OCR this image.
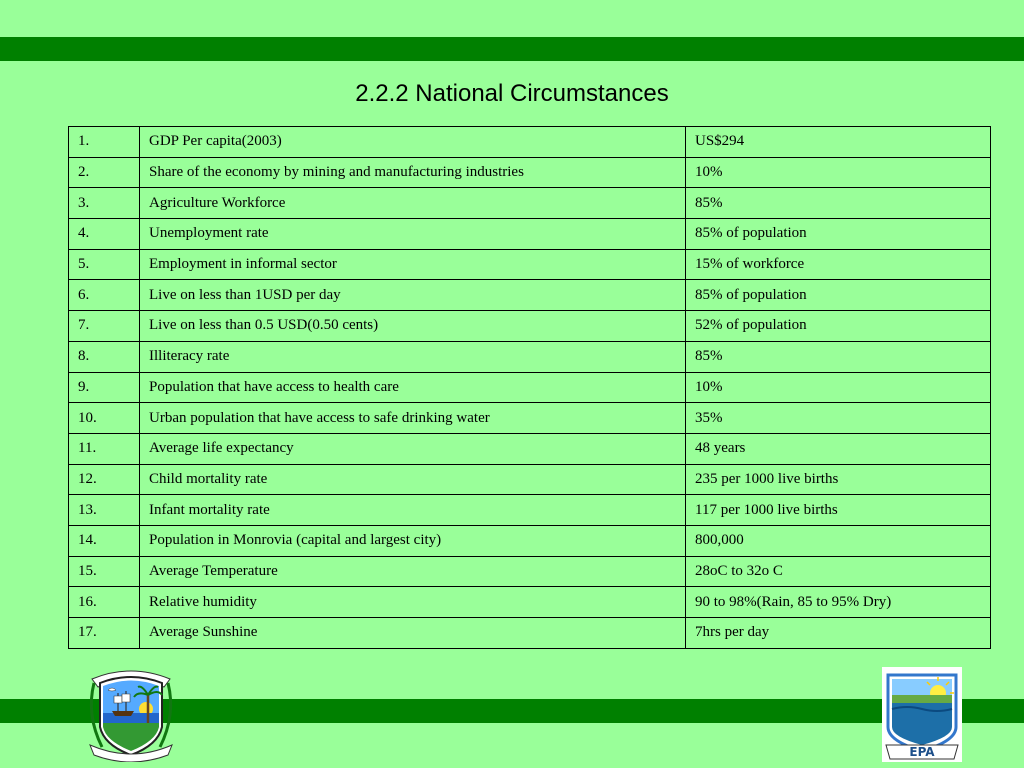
2.2.2 National Circumstances
1.	GDP Per capita(2003)	US$294
2.	Share of the economy by mining and manufacturing industries	10%
3.	Agriculture Workforce	85%
4.	Unemployment rate	85% of population
5.	Employment in informal sector	15% of workforce
6.	Live on less than 1USD per day	85% of population
7.	Live on less than 0.5 USD(0.50 cents)	52% of population
8.	Illiteracy rate	85%
9.	Population that have access to health care	10%
10.	Urban population that have access to safe drinking water	35%
11.	Average life expectancy	48 years
12.	Child mortality rate	235 per 1000 live births
13.	Infant mortality rate	117 per 1000 live births
14.	Population in Monrovia (capital and largest city)	800,000
15.	Average Temperature	28oC to 32o C
16.	Relative humidity	90 to 98%(Rain, 85 to 95% Dry)
17.	Average Sunshine	7hrs per day
EPA
